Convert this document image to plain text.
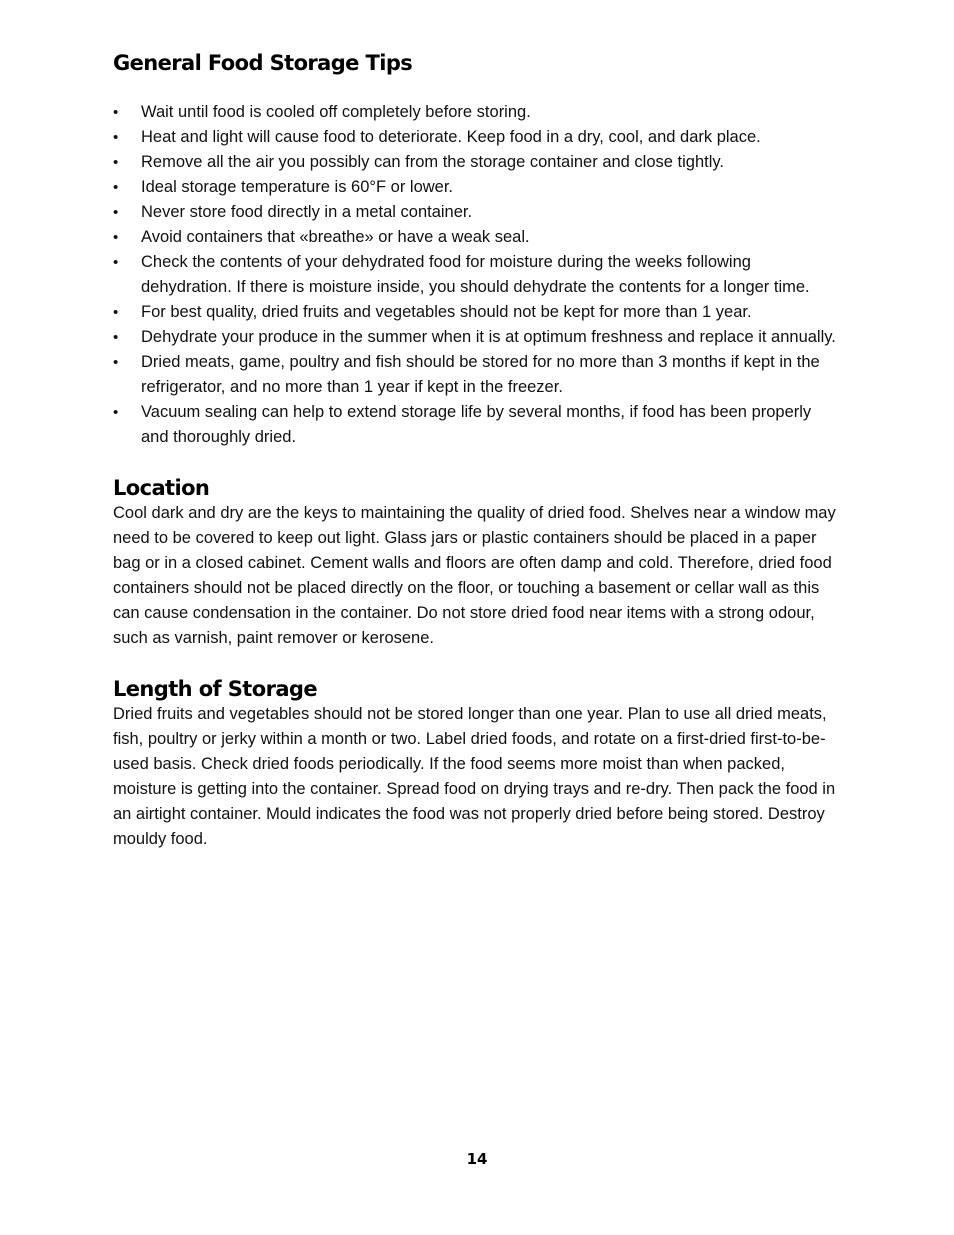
General Food Storage Tips
• Wait until food is cooled off completely before storing.
• Heat and light will cause food to deteriorate. Keep food in a dry, cool, and dark place.
• Remove all the air you possibly can from the storage container and close tightly.
• Ideal storage temperature is 60°F or lower.
• Never store food directly in a metal container.
• Avoid containers that «breathe» or have a weak seal.
• Check the contents of your dehydrated food for moisture during the weeks following dehydration. If there is moisture inside, you should dehydrate the contents for a longer time.
• For best quality, dried fruits and vegetables should not be kept for more than 1 year.
• Dehydrate your produce in the summer when it is at optimum freshness and replace it annually.
• Dried meats, game, poultry and fish should be stored for no more than 3 months if kept in the refrigerator, and no more than 1 year if kept in the freezer.
• Vacuum sealing can help to extend storage life by several months, if food has been properly and thoroughly dried.
Location

Cool dark and dry are the keys to maintaining the quality of dried food. Shelves near a window may need to be covered to keep out light. Glass jars or plastic containers should be placed in a paper bag or in a closed cabinet. Cement walls and floors are often damp and cold. Therefore, dried food containers should not be placed directly on the floor, or touching a basement or cellar wall as this can cause condensation in the container. Do not store dried food near items with a strong odour, such as varnish, paint remover or kerosene.

Length of Storage

Dried fruits and vegetables should not be stored longer than one year. Plan to use all dried meats, fish, poultry or jerky within a month or two. Label dried foods, and rotate on a first-dried first-to-be-used basis. Check dried foods periodically. If the food seems more moist than when packed, moisture is getting into the container. Spread food on drying trays and re-dry. Then pack the food in an airtight container. Mould indicates the food was not properly dried before being stored. Destroy mouldy food.

14
